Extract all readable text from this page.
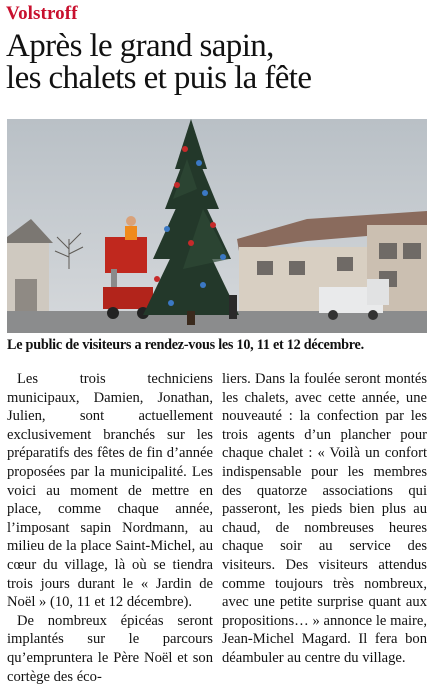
Volstroff
Après le grand sapin,
les chalets et puis la fête
Le public de visiteurs a rendez-vous les 10, 11 et 12 décembre.

Les trois techniciens municipaux, Damien, Jonathan, Julien, sont actuellement exclusivement branchés sur les préparatifs des fêtes de fin d’année proposées par la municipalité. Les voici au moment de mettre en place, comme chaque année, l’imposant sapin Nordmann, au milieu de la place Saint-Michel, au cœur du village, là où se tiendra trois jours durant le « Jardin de Noël » (10, 11 et 12 décembre).

De nombreux épicéas seront implantés sur le parcours qu’empruntera le Père Noël et son cortège des éco-

liers. Dans la foulée seront montés les chalets, avec cette année, une nouveauté : la confection par les trois agents d’un plancher pour chaque chalet : « Voilà un confort indispensable pour les membres des quatorze associations qui passeront, les pieds bien plus au chaud, de nombreuses heures chaque soir au service des visiteurs. Des visiteurs attendus comme toujours très nombreux, avec une petite surprise quant aux propositions… » annonce le maire, Jean-Michel Magard. Il fera bon déambuler au centre du village.
